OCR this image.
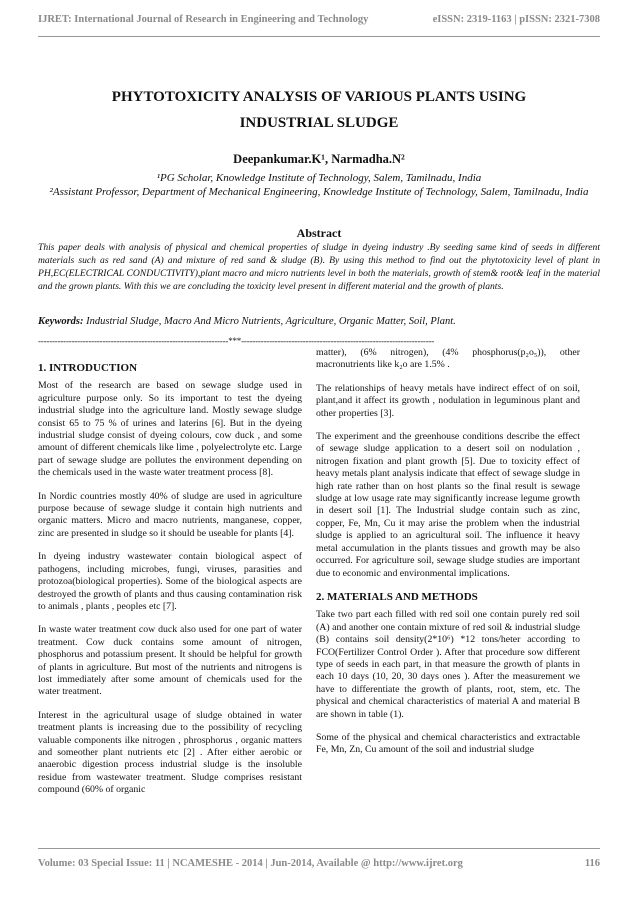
IJRET: International Journal of Research in Engineering and Technology	eISSN: 2319-1163 | pISSN: 2321-7308
PHYTOTOXICITY ANALYSIS OF VARIOUS PLANTS USING
INDUSTRIAL SLUDGE
Deepankumar.K¹, Narmadha.N²
¹PG Scholar, Knowledge Institute of Technology, Salem, Tamilnadu, India
²Assistant Professor, Department of Mechanical Engineering, Knowledge Institute of Technology, Salem, Tamilnadu, India
Abstract
This paper deals with analysis of physical and chemical properties of sludge in dyeing industry .By seeding same kind of seeds in different materials such as red sand (A) and mixture of red sand & sludge (B). By using this method to find out the phytotoxicity level of plant in PH,EC(ELECTRICAL CONDUCTIVITY),plant macro and micro nutrients level in both the materials, growth of stem& root& leaf in the material and the grown plants. With this we are concluding the toxicity level present in different material and the growth of plants.
Keywords: Industrial Sludge, Macro And Micro Nutrients, Agriculture, Organic Matter, Soil, Plant.
--------------------------------------------------------------------***---------------------------------------------------------------------
1. INTRODUCTION

Most of the research are based on sewage sludge used in agriculture purpose only. So its important to test the dyeing industrial sludge into the agriculture land. Mostly sewage sludge consist 65 to 75 % of urines and laterins [6]. But in the dyeing industrial sludge consist of dyeing colours, cow duck , and some amount of different chemicals like lime , polyelectrolyte etc. Large part of sewage sludge are pollutes the environment depending on the chemicals used in the waste water treatment process [8].

In Nordic countries mostly 40% of sludge are used in agriculture purpose because of sewage sludge it contain high nutrients and organic matters. Micro and macro nutrients, manganese, copper, zinc are presented in sludge so it should be useable for plants [4].

In dyeing industry wastewater contain biological aspect of pathogens, including microbes, fungi, viruses, parasities and protozoa(biological properties). Some of the biological aspects are destroyed the growth of plants and thus causing contamination risk to animals , plants , peoples etc [7].

In waste water treatment cow duck also used for one part of water treatment. Cow duck contains some amount of nitrogen, phosphorus and potassium present. It should be helpful for growth of plants in agriculture. But most of the nutrients and nitrogens is lost immediately after some amount of chemicals used for the water treatment.

Interest in the agricultural usage of sludge obtained in water treatment plants is increasing due to the possibility of recycling valuable components ilke nitrogen , phrosphorus , organic matters and someother plant nutrients etc [2] . After either aerobic or anaerobic digestion process industrial sludge is the insoluble residue from wastewater treatment. Sludge comprises resistant compound (60% of organic

matter), (6% nitrogen), (4% phosphorus(p₂o₅)), other macronutrients like k₂o are 1.5% .

The relationships of heavy metals have indirect effect of on soil, plant,and it affect its growth , nodulation in leguminous plant and other properties [3].

The experiment and the greenhouse conditions describe the effect of sewage sludge application to a desert soil on nodulation , nitrogen fixation and plant growth [5]. Due to toxicity effect of heavy metals plant analysis indicate that effect of sewage sludge in high rate rather than on host plants so the final result is sewage sludge at low usage rate may significantly increase legume growth in desert soil [1]. The Industrial sludge contain such as zinc, copper, Fe, Mn, Cu it may arise the problem when the industrial sludge is applied to an agricultural soil. The influence it heavy metal accumulation in the plants tissues and growth may be also occurred. For agriculture soil, sewage sludge studies are important due to economic and environmental implications.

2. MATERIALS AND METHODS

Take two part each filled with red soil one contain purely red soil (A) and another one contain mixture of red soil & industrial sludge (B) contains soil density(2*10⁶) *12 tons/heter according to FCO(Fertilizer Control Order ). After that procedure sow different type of seeds in each part, in that measure the growth of plants in each 10 days (10, 20, 30 days ones ). After the measurement we have to differentiate the growth of plants, root, stem, etc. The physical and chemical characteristics of material A and material B are shown in table (1).

Some of the physical and chemical characteristics and extractable Fe, Mn, Zn, Cu amount of the soil and industrial sludge

Volume: 03 Special Issue: 11 | NCAMESHE - 2014 | Jun-2014, Available @ http://www.ijret.org	116
